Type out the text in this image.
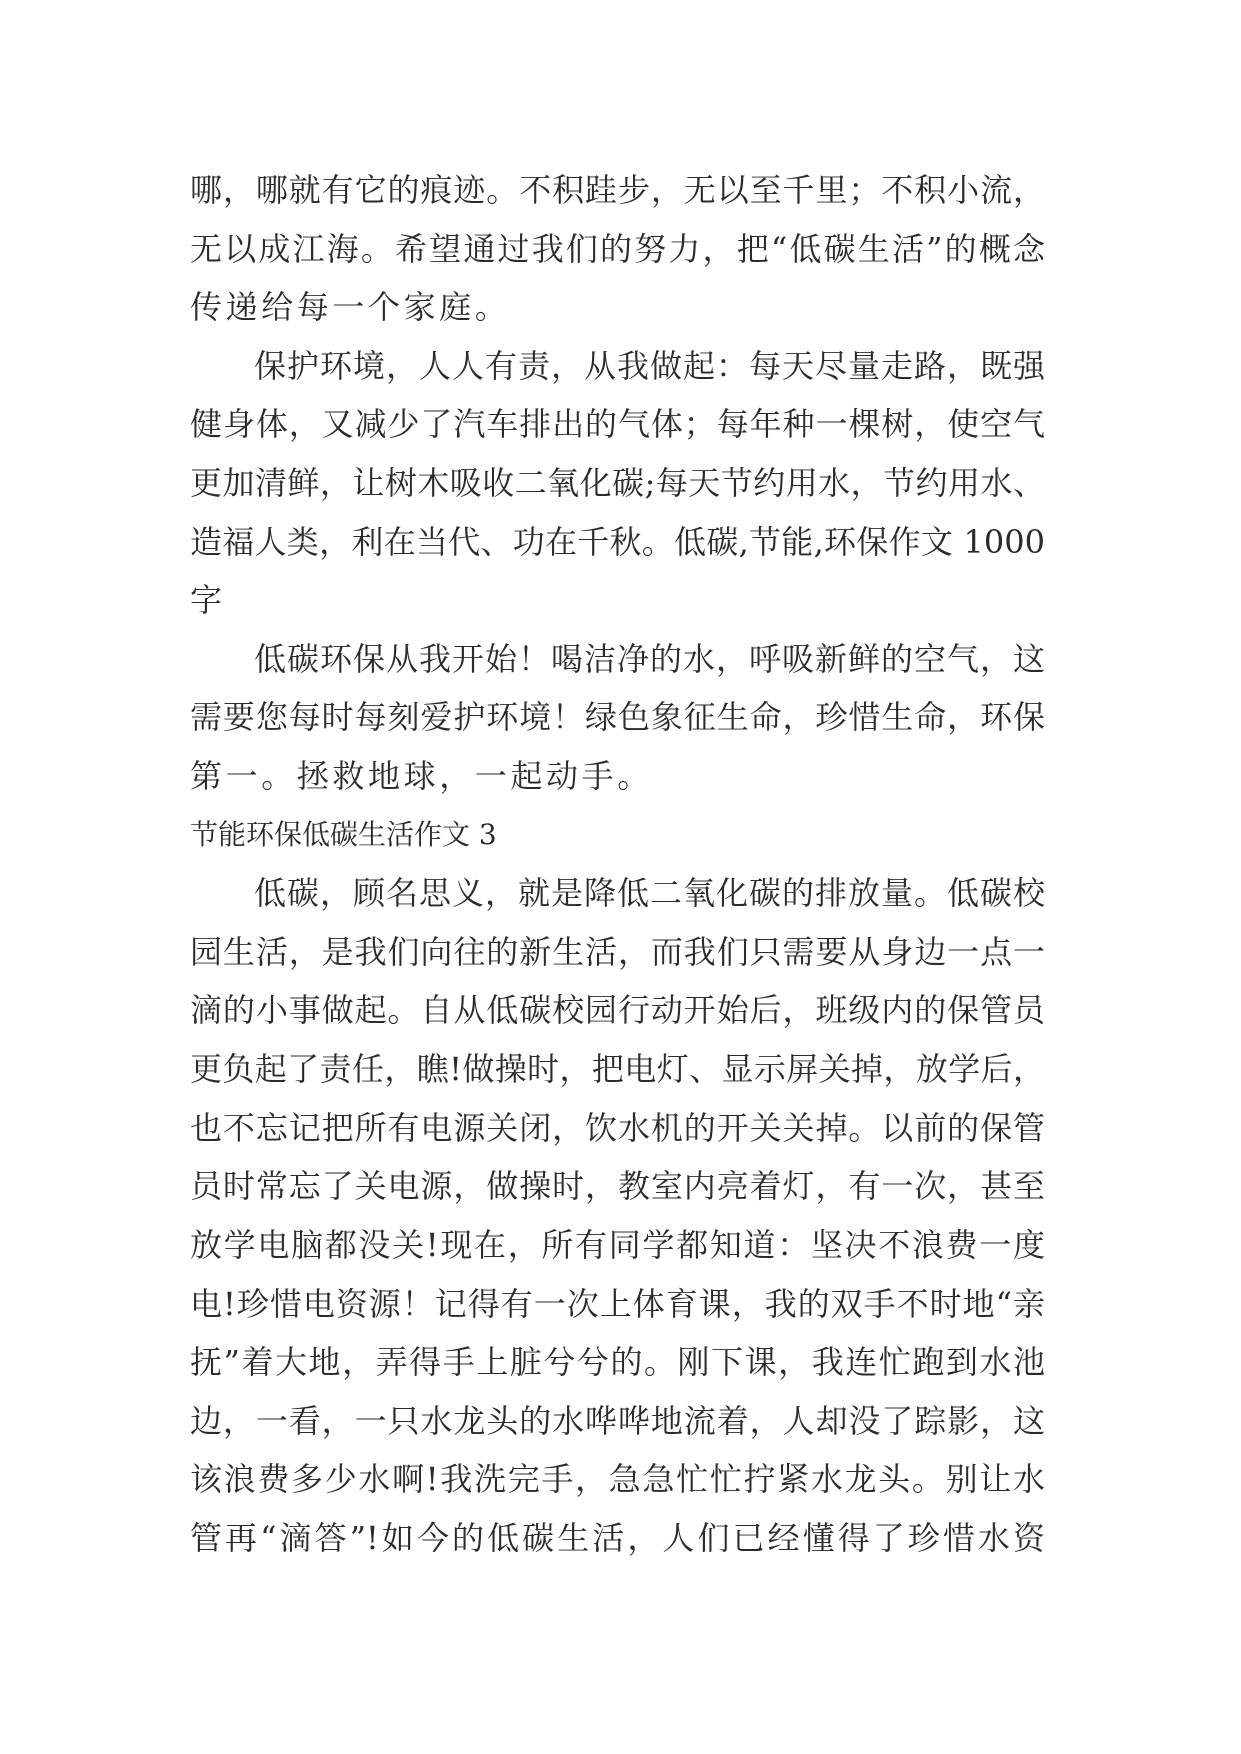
哪，哪就有它的痕迹。不积跬步，无以至千里；不积小流，
无以成江海。希望通过我们的努力，把“低碳生活”的概念
传递给每一个家庭。
保护环境，人人有责，从我做起：每天尽量走路，既强
健身体，又减少了汽车排出的气体；每年种一棵树，使空气
更加清鲜，让树木吸收二氧化碳;每天节约用水，节约用水、
造福人类，利在当代、功在千秋。低碳,节能,环保作文 1000
字
低碳环保从我开始！喝洁净的水，呼吸新鲜的空气，这
需要您每时每刻爱护环境！绿色象征生命，珍惜生命，环保
第一。拯救地球，一起动手。
节能环保低碳生活作文 3
低碳，顾名思义，就是降低二氧化碳的排放量。低碳校
园生活，是我们向往的新生活，而我们只需要从身边一点一
滴的小事做起。自从低碳校园行动开始后，班级内的保管员
更负起了责任，瞧!做操时，把电灯、显示屏关掉，放学后，
也不忘记把所有电源关闭，饮水机的开关关掉。以前的保管
员时常忘了关电源，做操时，教室内亮着灯，有一次，甚至
放学电脑都没关!现在，所有同学都知道：坚决不浪费一度
电!珍惜电资源！记得有一次上体育课，我的双手不时地“亲
抚”着大地，弄得手上脏兮兮的。刚下课，我连忙跑到水池
边，一看，一只水龙头的水哗哗地流着，人却没了踪影，这
该浪费多少水啊!我洗完手，急急忙忙拧紧水龙头。别让水
管再“滴答”!如今的低碳生活，人们已经懂得了珍惜水资
